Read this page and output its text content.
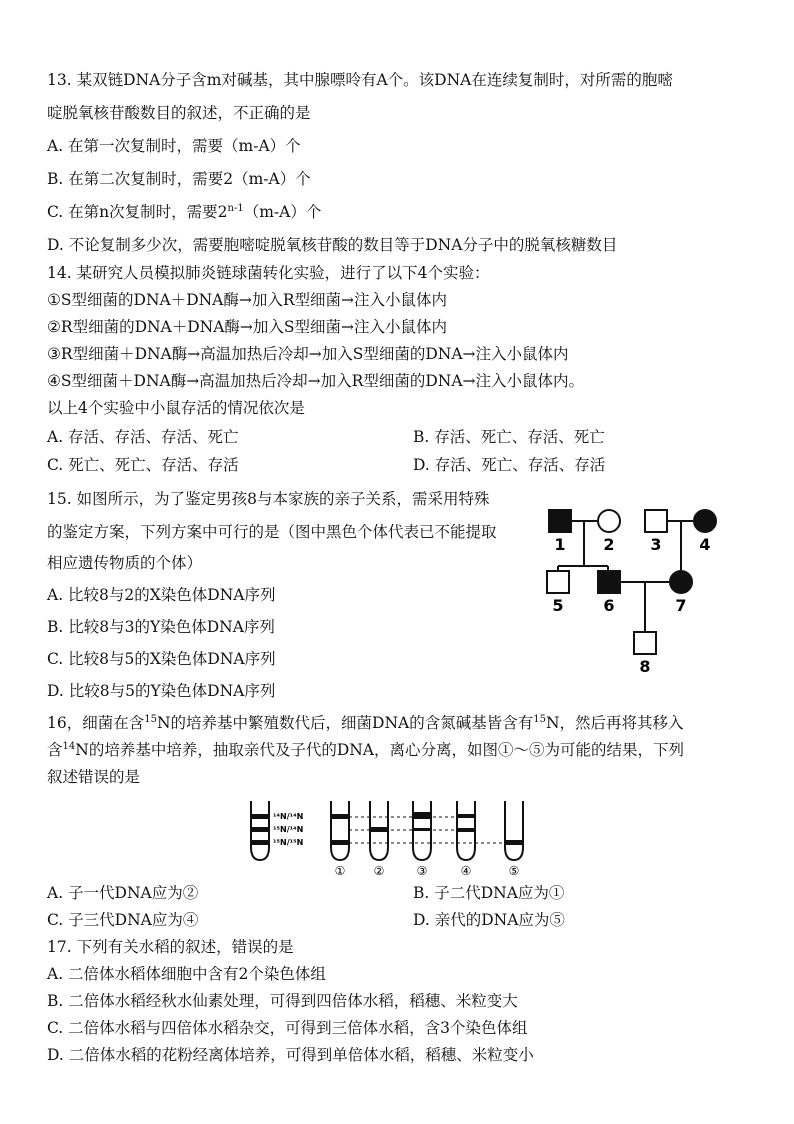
13. 某双链DNA分子含m对碱基，其中腺嘌呤有A个。该DNA在连续复制时，对所需的胞嘧
啶脱氧核苷酸数目的叙述，不正确的是
A. 在第一次复制时，需要（m-A）个
B. 在第二次复制时，需要2（m-A）个
C. 在第n次复制时，需要2$^{n-1}$（m-A）个
D. 不论复制多少次，需要胞嘧啶脱氧核苷酸的数目等于DNA分子中的脱氧核糖数目
14. 某研究人员模拟肺炎链球菌转化实验，进行了以下4个实验：
①S型细菌的DNA＋DNA酶→加入R型细菌→注入小鼠体内
②R型细菌的DNA＋DNA酶→加入S型细菌→注入小鼠体内
③R型细菌＋DNA酶→高温加热后冷却→加入S型细菌的DNA→注入小鼠体内
④S型细菌＋DNA酶→高温加热后冷却→加入R型细菌的DNA→注入小鼠体内。
以上4个实验中小鼠存活的情况依次是
A. 存活、存活、存活、死亡	B. 存活、死亡、存活、死亡
C. 死亡、死亡、存活、存活	D. 存活、死亡、存活、存活
15. 如图所示，为了鉴定男孩8与本家族的亲子关系，需采用特殊
的鉴定方案，下列方案中可行的是（图中黑色个体代表已不能提取
相应遗传物质的个体）
A. 比较8与2的X染色体DNA序列
B. 比较8与3的Y染色体DNA序列
C. 比较8与5的X染色体DNA序列
D. 比较8与5的Y染色体DNA序列
1 2 3 4
5 6	7
8
16，细菌在含$^{15}$N的培养基中繁殖数代后，细菌DNA的含氮碱基皆含有$^{15}$N，然后再将其移入
含$^{14}$N的培养基中培养，抽取亲代及子代的DNA，离心分离，如图①～⑤为可能的结果，下列
叙述错误的是
¹⁴N/¹⁴N
¹⁵N/¹⁴N
¹⁵N/¹⁵N
① ②	③	④	⑤
A. 子一代DNA应为②	B. 子二代DNA应为①
C. 子三代DNA应为④	D. 亲代的DNA应为⑤
17. 下列有关水稻的叙述，错误的是
A. 二倍体水稻体细胞中含有2个染色体组
B. 二倍体水稻经秋水仙素处理，可得到四倍体水稻，稻穗、米粒变大
C. 二倍体水稻与四倍体水稻杂交，可得到三倍体水稻，含3个染色体组
D. 二倍体水稻的花粉经离体培养，可得到单倍体水稻，稻穗、米粒变小
